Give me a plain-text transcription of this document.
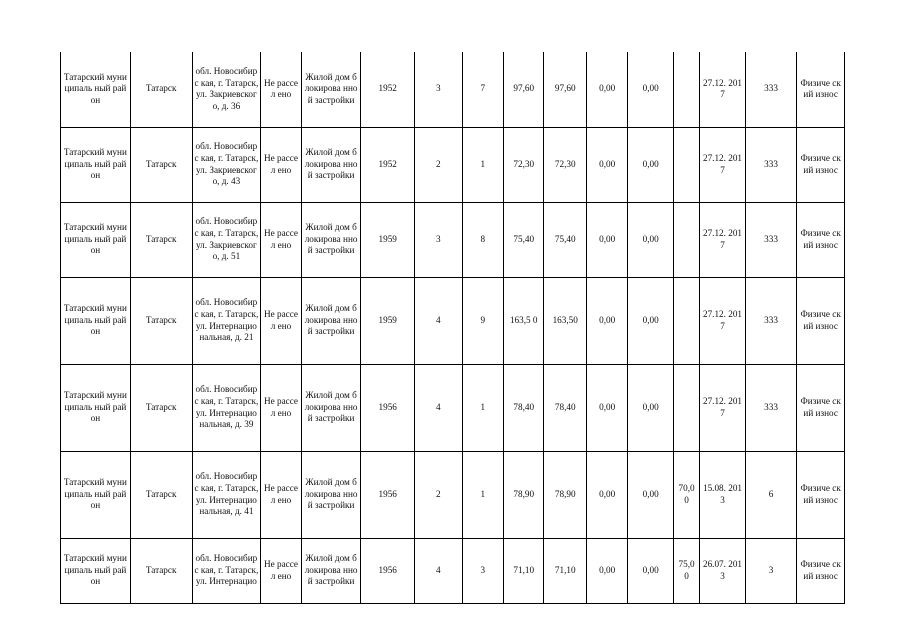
Татарский муниципаль ный район	Татарск	обл. Новосибирс кая, г. Татарск, ул. Закриевског о, д. 36	Не рассел ено	Жилой дом блокирова нной застройки	1952	3	7	97,60	97,60	0,00	0,00		27.12. 2017	333	Физиче ский износ
Татарский муниципаль ный район	Татарск	обл. Новосибирс кая, г. Татарск, ул. Закриевског о, д. 43	Не рассел ено	Жилой дом блокирова нной застройки	1952	2	1	72,30	72,30	0,00	0,00		27.12. 2017	333	Физиче ский износ
Татарский муниципаль ный район	Татарск	обл. Новосибирс кая, г. Татарск, ул. Закриевског о, д. 51	Не рассел ено	Жилой дом блокирова нной застройки	1959	3	8	75,40	75,40	0,00	0,00		27.12. 2017	333	Физиче ский износ
Татарский муниципаль ный район	Татарск	обл. Новосибирс кая, г. Татарск, ул. Интернацио нальная, д. 21	Не рассел ено	Жилой дом блокирова нной застройки	1959	4	9	163,5 0	163,50	0,00	0,00		27.12. 2017	333	Физиче ский износ
Татарский муниципаль ный район	Татарск	обл. Новосибирс кая, г. Татарск, ул. Интернацио нальная, д. 39	Не рассел ено	Жилой дом блокирова нной застройки	1956	4	1	78,40	78,40	0,00	0,00		27.12. 2017	333	Физиче ский износ
Татарский муниципаль ный район	Татарск	обл. Новосибирс кая, г. Татарск, ул. Интернацио нальная, д. 41	Не рассел ено	Жилой дом блокирова нной застройки	1956	2	1	78,90	78,90	0,00	0,00	70,0 0	15.08. 2013	6	Физиче ский износ
Татарский муниципаль ный район	Татарск	обл. Новосибирс кая, г. Татарск, ул. Интернацио	Не рассел ено	Жилой дом блокирова нной застройки	1956	4	3	71,10	71,10	0,00	0,00	75,0 0	26.07. 2013	3	Физиче ский износ
